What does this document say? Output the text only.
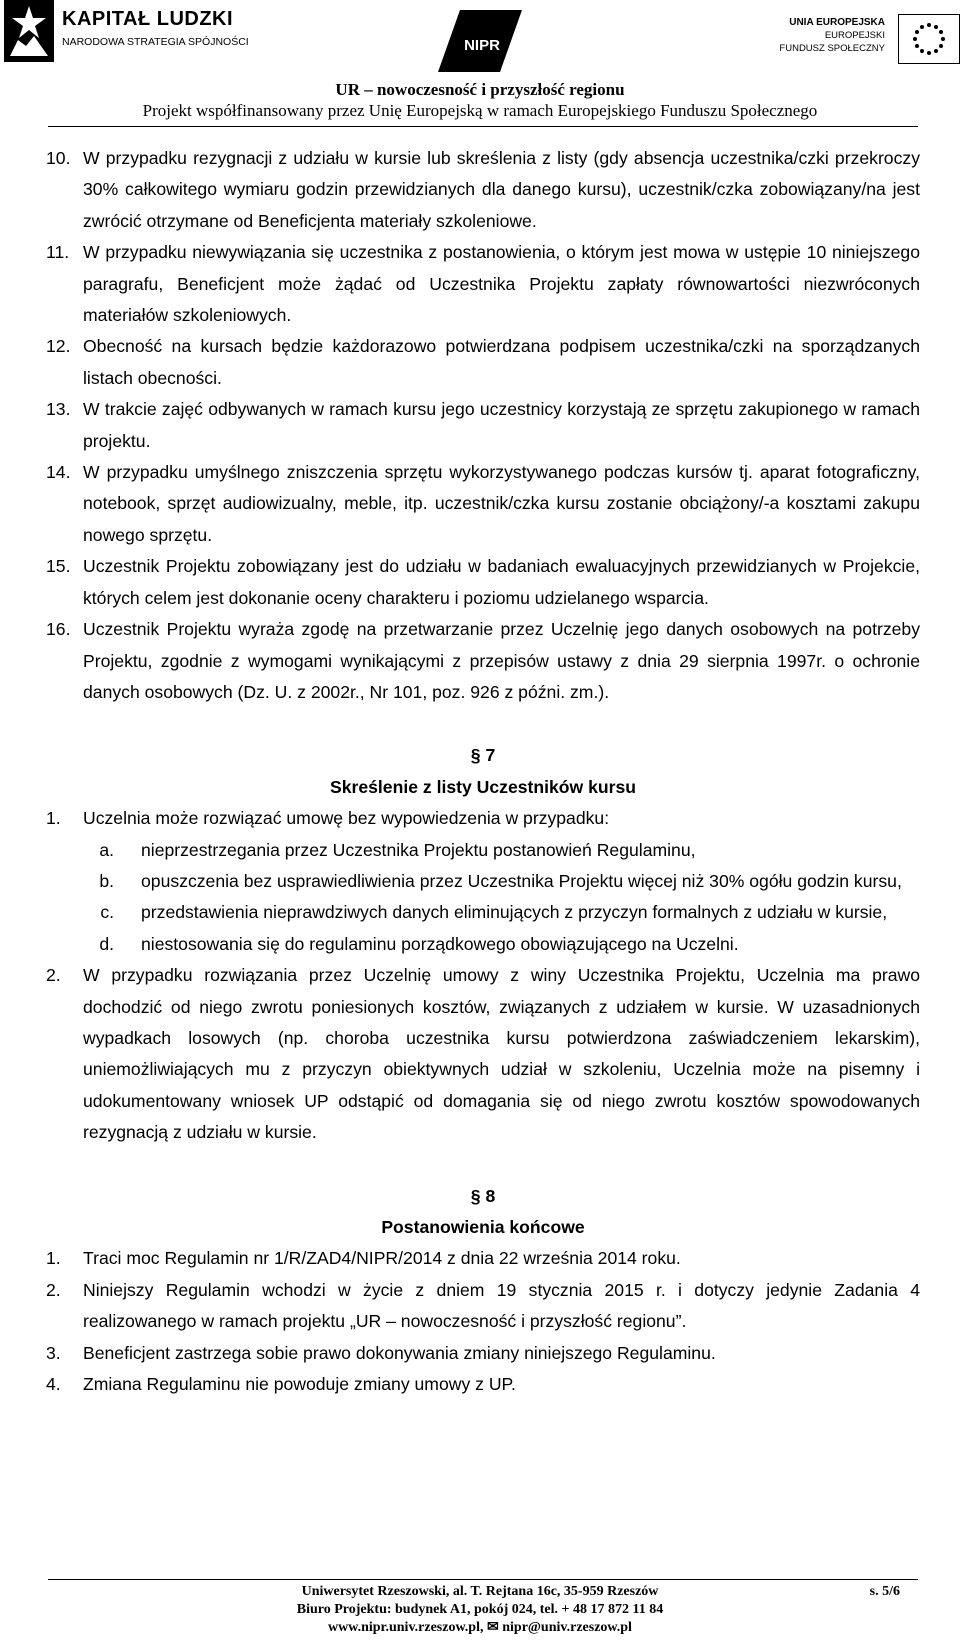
KAPITAŁ LUDZKI
NARODOWA STRATEGIA SPÓJNOŚCI	NIPR
UNIA EUROPEJSKA
EUROPEJSKI
FUNDUSZ SPOŁECZNY
UR – nowoczesność i przyszłość regionu
Projekt współfinansowany przez Unię Europejską w ramach Europejskiego Funduszu Społecznego

10. W przypadku rezygnacji z udziału w kursie lub skreślenia z listy (gdy absencja uczestnika/czki przekroczy 30% całkowitego wymiaru godzin przewidzianych dla danego kursu), uczestnik/czka zobowiązany/na jest zwrócić otrzymane od Beneficjenta materiały szkoleniowe.

11. W przypadku niewywiązania się uczestnika z postanowienia, o którym jest mowa w ustępie 10 niniejszego paragrafu, Beneficjent może żądać od Uczestnika Projektu zapłaty równowartości niezwróconych materiałów szkoleniowych.

12. Obecność na kursach będzie każdorazowo potwierdzana podpisem uczestnika/czki na sporządzanych listach obecności.

13. W trakcie zajęć odbywanych w ramach kursu jego uczestnicy korzystają ze sprzętu zakupionego w ramach projektu.

14. W przypadku umyślnego zniszczenia sprzętu wykorzystywanego podczas kursów tj. aparat fotograficzny, notebook, sprzęt audiowizualny, meble, itp. uczestnik/czka kursu zostanie obciążony/-a kosztami zakupu nowego sprzętu.

15. Uczestnik Projektu zobowiązany jest do udziału w badaniach ewaluacyjnych przewidzianych w Projekcie, których celem jest dokonanie oceny charakteru i poziomu udzielanego wsparcia.

16. Uczestnik Projektu wyraża zgodę na przetwarzanie przez Uczelnię jego danych osobowych na potrzeby Projektu, zgodnie z wymogami wynikającymi z przepisów ustawy z dnia 29 sierpnia 1997r. o ochronie danych osobowych (Dz. U. z 2002r., Nr 101, poz. 926 z późni. zm.).

§ 7

Skreślenie z listy Uczestników kursu

1. Uczelnia może rozwiązać umowę bez wypowiedzenia w przypadku:

a. nieprzestrzegania przez Uczestnika Projektu postanowień Regulaminu,

b. opuszczenia bez usprawiedliwienia przez Uczestnika Projektu więcej niż 30% ogółu godzin kursu,

c. przedstawienia nieprawdziwych danych eliminujących z przyczyn formalnych z udziału w kursie,

d. niestosowania się do regulaminu porządkowego obowiązującego na Uczelni.

2. W przypadku rozwiązania przez Uczelnię umowy z winy Uczestnika Projektu, Uczelnia ma prawo dochodzić od niego zwrotu poniesionych kosztów, związanych z udziałem w kursie. W uzasadnionych wypadkach losowych (np. choroba uczestnika kursu potwierdzona zaświadczeniem lekarskim), uniemożliwiających mu z przyczyn obiektywnych udział w szkoleniu, Uczelnia może na pisemny i udokumentowany wniosek UP odstąpić od domagania się od niego zwrotu kosztów spowodowanych rezygnacją z udziału w kursie.

§ 8

Postanowienia końcowe

1. Traci moc Regulamin nr 1/R/ZAD4/NIPR/2014 z dnia 22 września 2014 roku.

2. Niniejszy Regulamin wchodzi w życie z dniem 19 stycznia 2015 r. i dotyczy jedynie Zadania 4 realizowanego w ramach projektu „UR – nowoczesność i przyszłość regionu”.

3. Beneficjent zastrzega sobie prawo dokonywania zmiany niniejszego Regulaminu.

4. Zmiana Regulaminu nie powoduje zmiany umowy z UP.

Uniwersytet Rzeszowski, al. T. Rejtana 16c, 35-959 Rzeszów
Biuro Projektu: budynek A1, pokój 024, tel. + 48 17 872 11 84
www.nipr.univ.rzeszow.pl, ✉ nipr@univ.rzeszow.pl
s. 5/6
